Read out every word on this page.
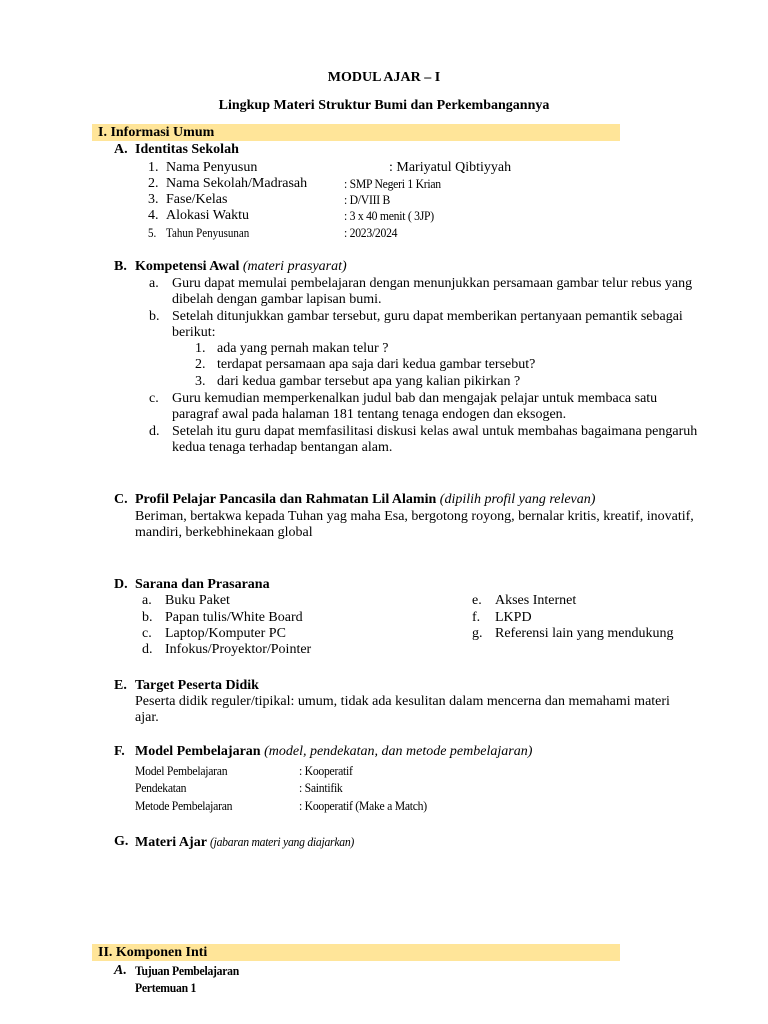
MODUL AJAR – I
Lingkup Materi Struktur Bumi dan Perkembangannya
I. Informasi Umum
A. Identitas Sekolah
1. Nama Penyusun	: Mariyatul Qibtiyyah
2. Nama Sekolah/Madrasah	: SMP Negeri 1 Krian
3. Fase/Kelas	: D/VIII B
4. Alokasi Waktu	: 3 x 40 menit ( 3JP)
5. Tahun Penyusunan	: 2023/2024
B. Kompetensi Awal (materi prasyarat)
a. Guru dapat memulai pembelajaran dengan menunjukkan persamaan gambar telur rebus yang
dibelah dengan gambar lapisan bumi.
b. Setelah ditunjukkan gambar tersebut, guru dapat memberikan pertanyaan pemantik sebagai
berikut:
1. ada yang pernah makan telur ?
2. terdapat persamaan apa saja dari kedua gambar tersebut?
3. dari kedua gambar tersebut apa yang kalian pikirkan ?
c. Guru kemudian memperkenalkan judul bab dan mengajak pelajar untuk membaca satu
paragraf awal pada halaman 181 tentang tenaga endogen dan eksogen.
d. Setelah itu guru dapat memfasilitasi diskusi kelas awal untuk membahas bagaimana pengaruh
kedua tenaga terhadap bentangan alam.
C. Profil Pelajar Pancasila dan Rahmatan Lil Alamin (dipilih profil yang relevan)
Beriman, bertakwa kepada Tuhan yag maha Esa, bergotong royong, bernalar kritis, kreatif, inovatif,
mandiri, berkebhinekaan global
D. Sarana dan Prasarana
a. Buku Paket
b. Papan tulis/White Board
c. Laptop/Komputer PC
d. Infokus/Proyektor/Pointer
e. Akses Internet
f. LKPD
g. Referensi lain yang mendukung
E. Target Peserta Didik
Peserta didik reguler/tipikal: umum, tidak ada kesulitan dalam mencerna dan memahami materi
ajar.
F. Model Pembelajaran (model, pendekatan, dan metode pembelajaran)
Model Pembelajaran	: Kooperatif
Pendekatan	: Saintifik
Metode Pembelajaran	: Kooperatif (Make a Match)
G. Materi Ajar (jabaran materi yang diajarkan)
II. Komponen Inti
A. Tujuan Pembelajaran
Pertemuan 1
